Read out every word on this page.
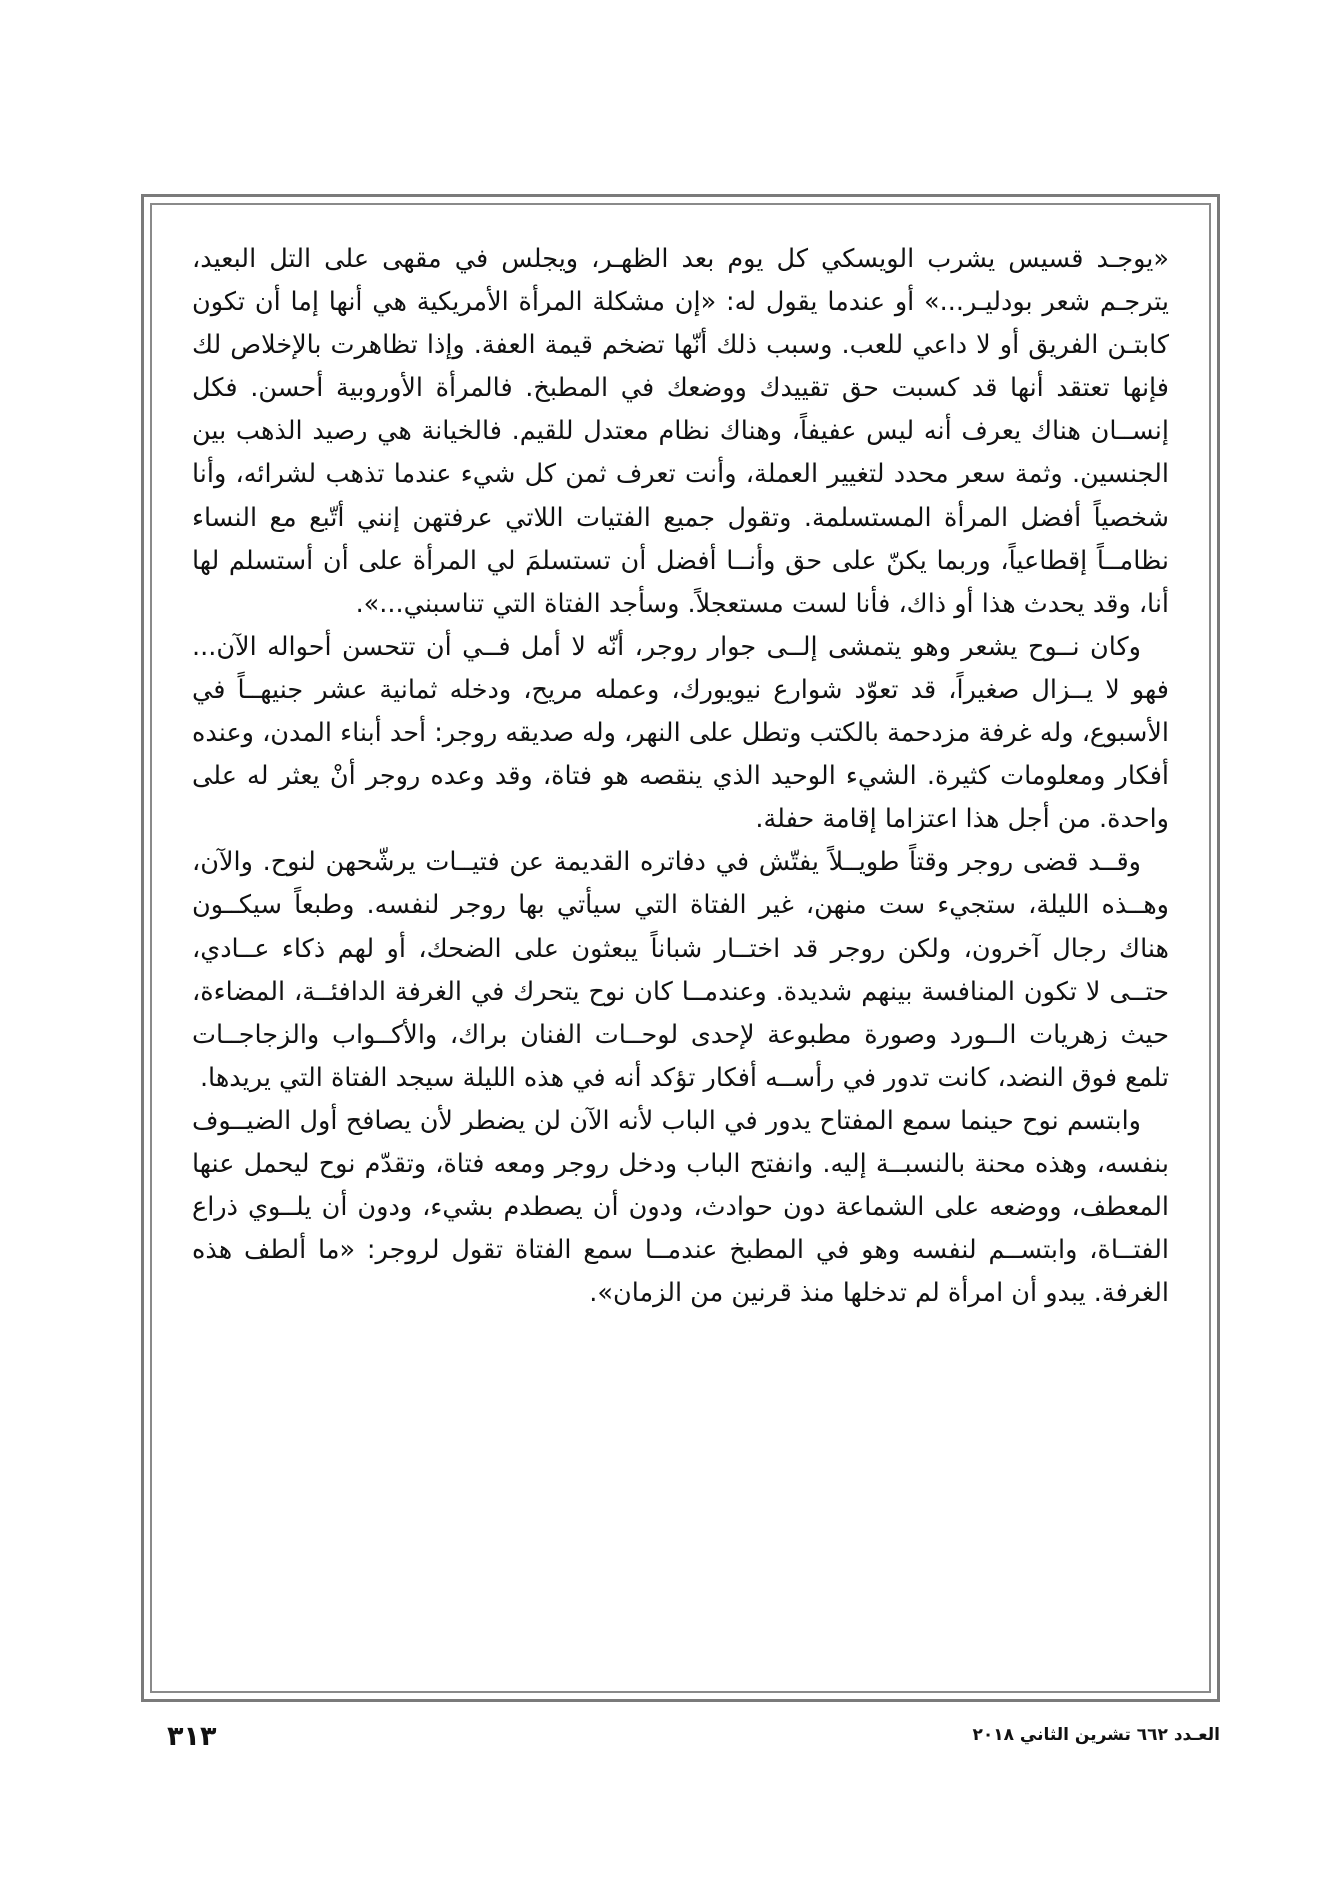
«يوجـد قسيس يشرب الويسكي كل يوم بعد الظهـر، ويجلس في مقهى على التل البعيد، يترجـم شعر بودليـر...» أو عندما يقول له: «إن مشكلة المرأة الأمريكية هي أنها إما أن تكون كابتـن الفريق أو لا داعي للعب. وسبب ذلك أنّها تضخم قيمة العفة. وإذا تظاهرت بالإخلاص لك فإنها تعتقد أنها قد كسبت حق تقييدك ووضعك في المطبخ. فالمرأة الأوروبية أحسن. فكل إنســان هناك يعرف أنه ليس عفيفاً، وهناك نظام معتدل للقيم. فالخيانة هي رصيد الذهب بين الجنسين. وثمة سعر محدد لتغيير العملة، وأنت تعرف ثمن كل شيء عندما تذهب لشرائه، وأنا شخصياً أفضل المرأة المستسلمة. وتقول جميع الفتيات اللاتي عرفتهن إنني أتّبع مع النساء نظامــاً إقطاعياً، وربما يكنّ على حق وأنــا أفضل أن تستسلمَ لي المرأة على أن أستسلم لها أنا، وقد يحدث هذا أو ذاك، فأنا لست مستعجلاً. وسأجد الفتاة التي تناسبني...».

وكان نــوح يشعر وهو يتمشى إلــى جوار روجر، أنّه لا أمل فــي أن تتحسن أحواله الآن... فهو لا يــزال صغيراً، قد تعوّد شوارع نيويورك، وعمله مريح، ودخله ثمانية عشر جنيهــاً في الأسبوع، وله غرفة مزدحمة بالكتب وتطل على النهر، وله صديقه روجر: أحد أبناء المدن، وعنده أفكار ومعلومات كثيرة. الشيء الوحيد الذي ينقصه هو فتاة، وقد وعده روجر أنْ يعثر له على واحدة. من أجل هذا اعتزاما إقامة حفلة.

وقــد قضى روجر وقتاً طويــلاً يفتّش في دفاتره القديمة عن فتيــات يرشّحهن لنوح. والآن، وهــذه الليلة، ستجيء ست منهن، غير الفتاة التي سيأتي بها روجر لنفسه. وطبعاً سيكــون هناك رجال آخرون، ولكن روجر قد اختــار شباناً يبعثون على الضحك، أو لهم ذكاء عــادي، حتــى لا تكون المنافسة بينهم شديدة. وعندمــا كان نوح يتحرك في الغرفة الدافئــة، المضاءة، حيث زهريات الــورد وصورة مطبوعة لإحدى لوحــات الفنان براك، والأكــواب والزجاجــات تلمع فوق النضد، كانت تدور في رأســه أفكار تؤكد أنه في هذه الليلة سيجد الفتاة التي يريدها.

وابتسم نوح حينما سمع المفتاح يدور في الباب لأنه الآن لن يضطر لأن يصافح أول الضيــوف بنفسه، وهذه محنة بالنسبــة إليه. وانفتح الباب ودخل روجر ومعه فتاة، وتقدّم نوح ليحمل عنها المعطف، ووضعه على الشماعة دون حوادث، ودون أن يصطدم بشيء، ودون أن يلــوي ذراع الفتــاة، وابتســم لنفسه وهو في المطبخ عندمــا سمع الفتاة تقول لروجر: «ما ألطف هذه الغرفة. يبدو أن امرأة لم تدخلها منذ قرنين من الزمان».

العـدد ٦٦٢ تشرين الثاني ٢٠١٨
٣١٣
